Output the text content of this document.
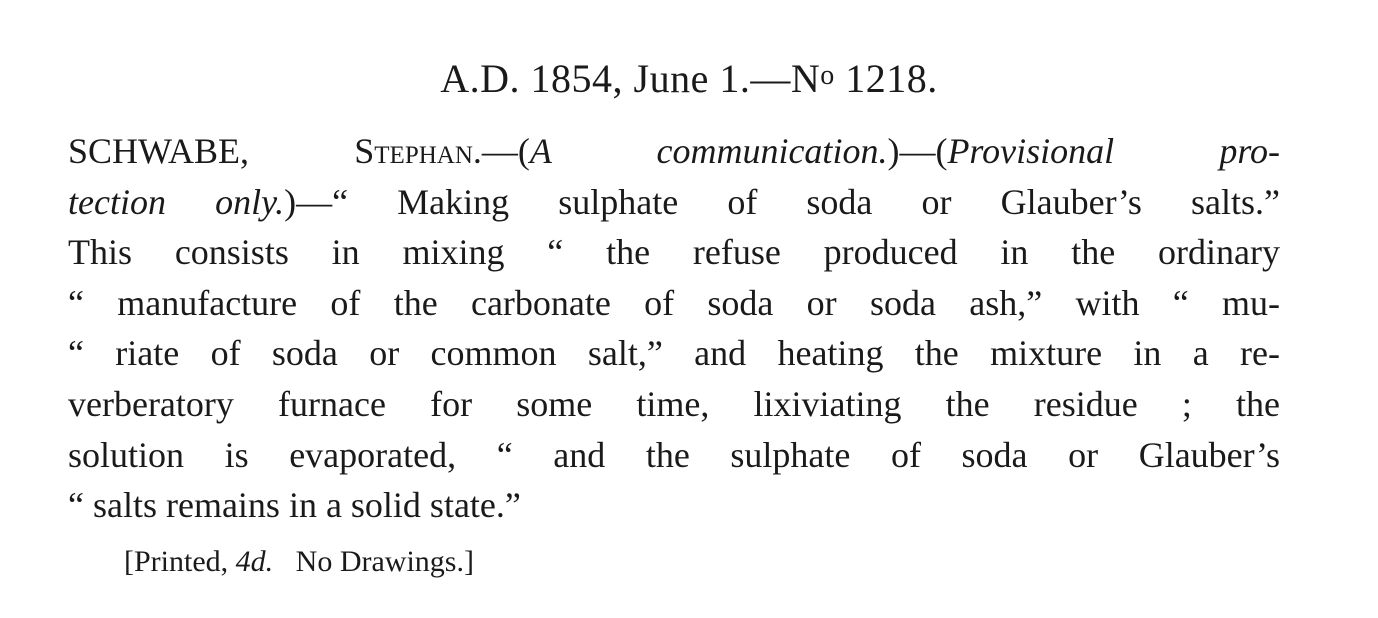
A.D. 1854, June $1.—N^o$ 1218.
SCHWABE,	Stephan.—(A communication.)—(Provisional pro-
tection only.)—“ Making sulphate of soda or Glauber’s salts.”
This consists in mixing “ the refuse produced in the ordinary
“ manufacture of the carbonate of soda or soda ash,” with “ mu-
“ riate of soda or common salt,” and heating the mixture in a re-
verberatory furnace for some time, lixiviating the residue ; the
solution is evaporated, “ and the sulphate of soda or Glauber’s
“ salts remains in a solid state.”
[Printed, 4d.   No Drawings.]
